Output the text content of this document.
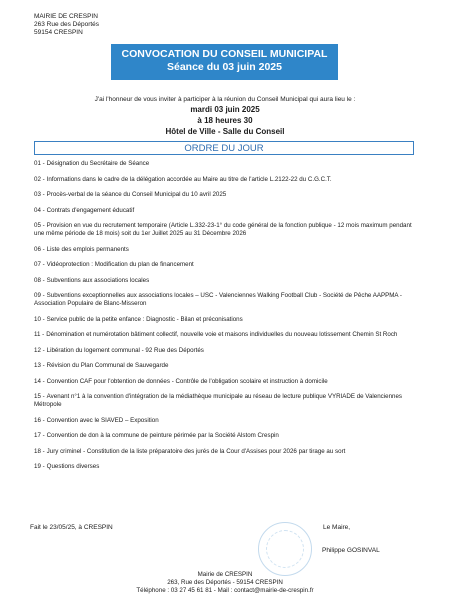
MAIRIE DE CRESPIN
263 Rue des Déportés
59154 CRESPIN
CONVOCATION DU CONSEIL MUNICIPAL
Séance du 03 juin 2025
J'ai l'honneur de vous inviter à participer à la réunion du Conseil Municipal qui aura lieu le :
mardi 03 juin 2025
à 18 heures 30
Hôtel de Ville - Salle du Conseil
ORDRE DU JOUR
01 - Désignation du Secrétaire de Séance
02 - Informations dans le cadre de la délégation accordée au Maire au titre de l'article L.2122-22 du C.G.C.T.
03 - Procès-verbal de la séance du Conseil Municipal du 10 avril 2025
04 - Contrats d'engagement éducatif
05 - Provision en vue du recrutement temporaire (Article L.332-23-1° du code général de la fonction publique - 12 mois maximum pendant une même période de 18 mois) soit du 1er Juillet 2025 au 31 Décembre 2026
06 - Liste des emplois permanents
07 - Vidéoprotection : Modification du plan de financement
08 - Subventions aux associations locales
09 - Subventions exceptionnelles aux associations locales – USC - Valenciennes Walking Football Club - Société de Pêche AAPPMA - Association Populaire de Blanc-Misseron
10 - Service public de la petite enfance : Diagnostic - Bilan et préconisations
11 - Dénomination et numérotation bâtiment collectif, nouvelle voie et maisons individuelles du nouveau lotissement Chemin St Roch
12 - Libération du logement communal - 92 Rue des Déportés
13 - Révision du Plan Communal de Sauvegarde
14 - Convention CAF pour l'obtention de données - Contrôle de l'obligation scolaire et instruction à domicile
15 - Avenant n°1 à la convention d'intégration de la médiathèque municipale au réseau de lecture publique VYRIADE de Valenciennes Métropole
16 - Convention avec le SIAVED – Exposition
17 - Convention de don à la commune de peinture périmée par la Société Alstom Crespin
18 - Jury criminel - Constitution de la liste préparatoire des jurés de la Cour d'Assises pour 2026 par tirage au sort
19 - Questions diverses
Fait le 23/05/25, à CRESPIN	Le Maire,
Philippe GOSINVAL
Mairie de CRESPIN
263, Rue des Déportés - 59154 CRESPIN
Téléphone : 03 27 45 61 81 - Mail : contact@mairie-de-crespin.fr
